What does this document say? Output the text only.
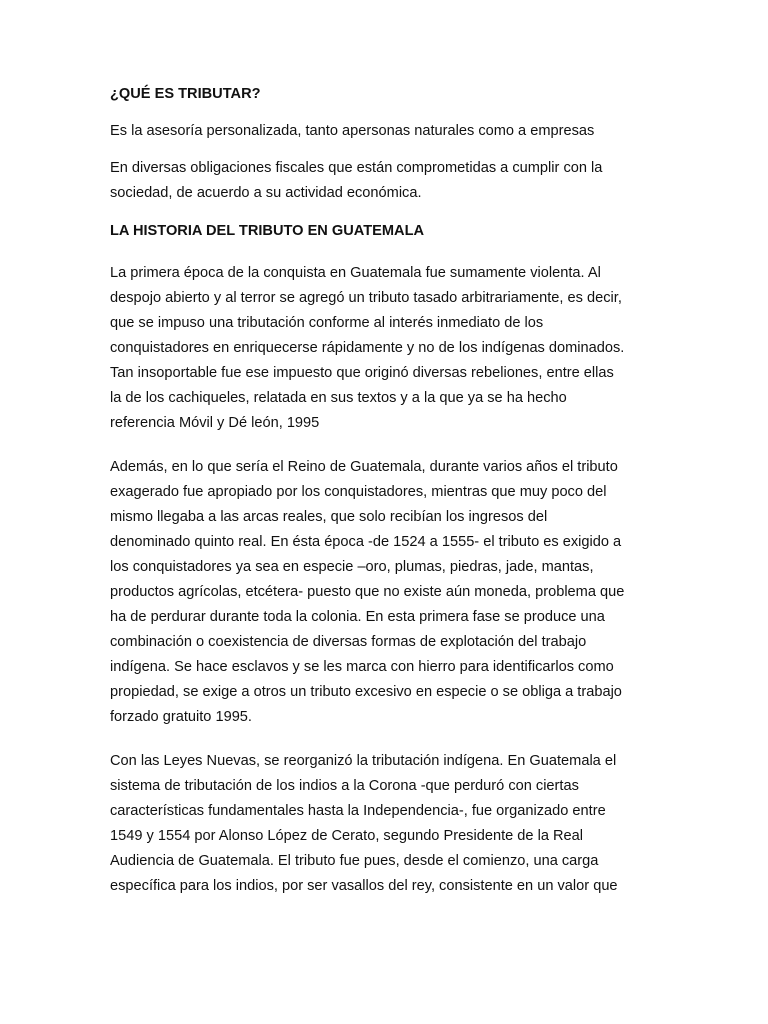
¿QUÉ ES TRIBUTAR?

Es la asesoría personalizada, tanto apersonas naturales como a empresas

En diversas obligaciones fiscales que están comprometidas a cumplir con la

sociedad, de acuerdo a su actividad económica.

LA HISTORIA DEL TRIBUTO EN GUATEMALA

La primera época de la conquista en Guatemala fue sumamente violenta. Al

despojo abierto y al terror se agregó un tributo tasado arbitrariamente, es decir,

que se impuso una tributación conforme al interés inmediato de los

conquistadores en enriquecerse rápidamente y no de los indígenas dominados.

Tan insoportable fue ese impuesto que originó diversas rebeliones, entre ellas

la de los cachiqueles, relatada en sus textos y a la que ya se ha hecho

referencia Móvil y Dé león, 1995

Además, en lo que sería el Reino de Guatemala, durante varios años el tributo

exagerado fue apropiado por los conquistadores, mientras que muy poco del

mismo llegaba a las arcas reales, que solo recibían los ingresos del

denominado quinto real. En ésta época -de 1524 a 1555- el tributo es exigido a

los conquistadores ya sea en especie –oro, plumas, piedras, jade, mantas,

productos agrícolas, etcétera- puesto que no existe aún moneda, problema que

ha de perdurar durante toda la colonia. En esta primera fase se produce una

combinación o coexistencia de diversas formas de explotación del trabajo

indígena. Se hace esclavos y se les marca con hierro para identificarlos como

propiedad, se exige a otros un tributo excesivo en especie o se obliga a trabajo

forzado gratuito 1995.

Con las Leyes Nuevas, se reorganizó la tributación indígena. En Guatemala el

sistema de tributación de los indios a la Corona -que perduró con ciertas

características fundamentales hasta la Independencia-, fue organizado entre

1549 y 1554 por Alonso López de Cerato, segundo Presidente de la Real

Audiencia de Guatemala. El tributo fue pues, desde el comienzo, una carga

específica para los indios, por ser vasallos del rey, consistente en un valor que
